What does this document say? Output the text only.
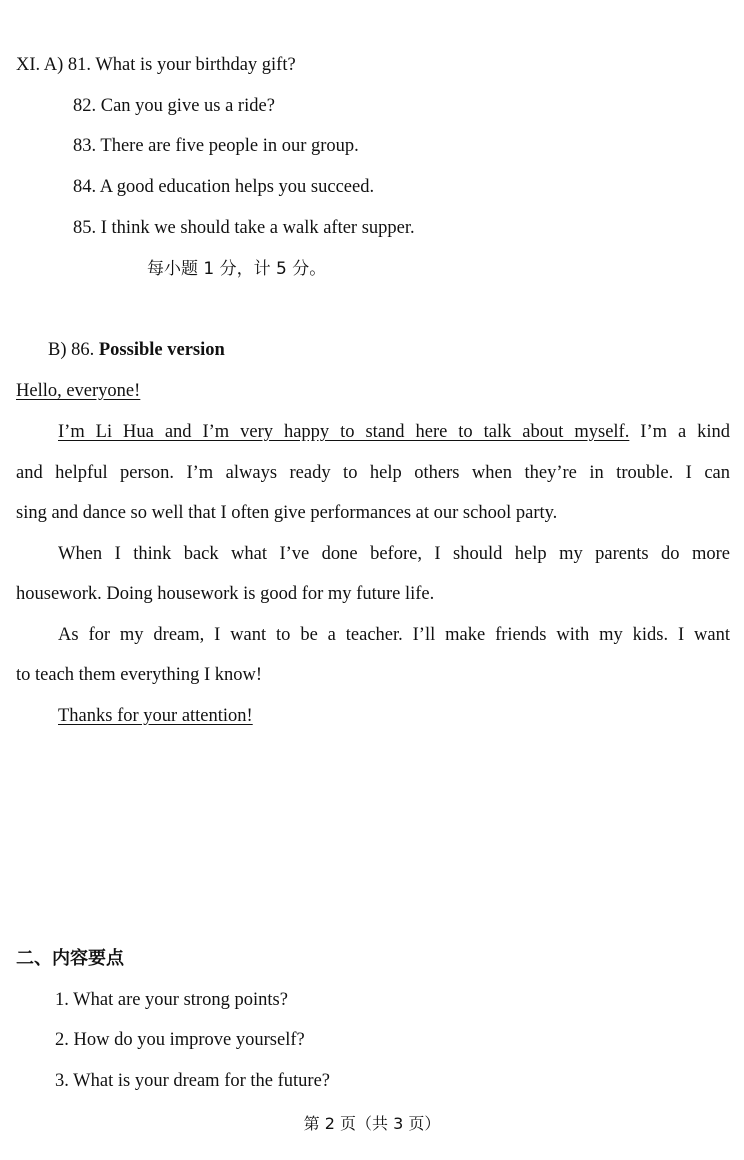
XI. A) 81. What is your birthday gift?
82. Can you give us a ride?
83. There are five people in our group.
84. A good education helps you succeed.
85. I think we should take a walk after supper.
每小题 1 分，计 5 分。
B) 86. Possible version
Hello, everyone!
I’m Li Hua and I’m very happy to stand here to talk about myself. I’m a kind
and helpful person. I’m always ready to help others when they’re in trouble. I can
sing and dance so well that I often give performances at our school party.
When I think back what I’ve done before, I should help my parents do more
housework. Doing housework is good for my future life.
As for my dream, I want to be a teacher. I’ll make friends with my kids. I want
to teach them everything I know!
Thanks for your attention!
二、内容要点
1. What are your strong points?
2. How do you improve yourself?
3. What is your dream for the future?
第 2 页（共 3 页）
